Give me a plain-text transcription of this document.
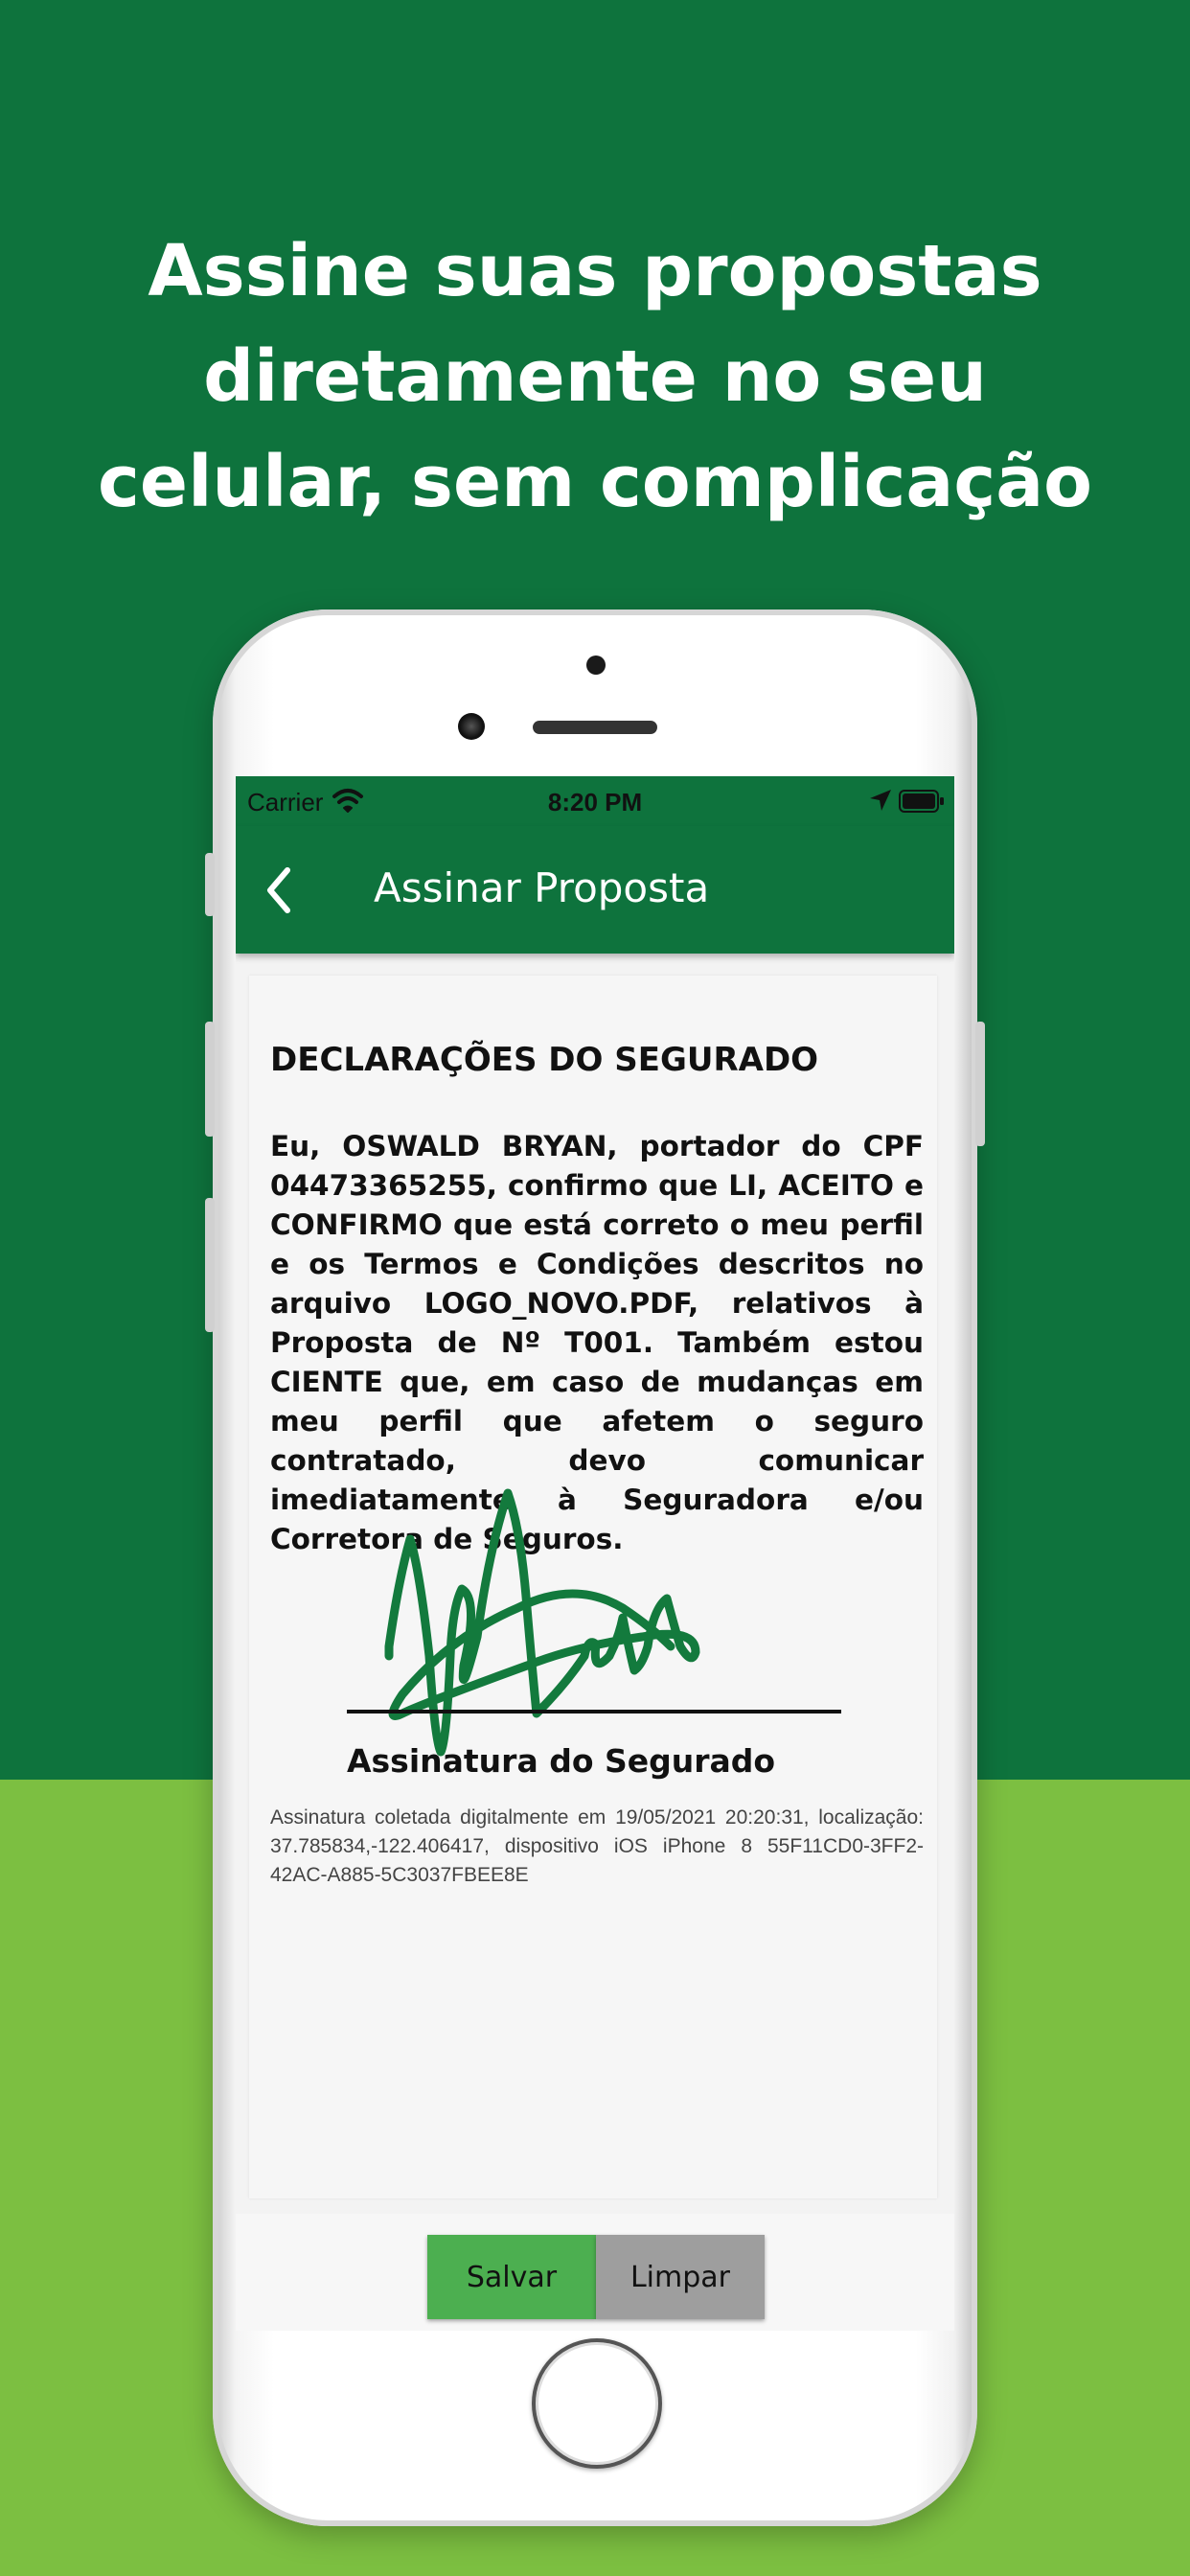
Assine suas propostas
diretamente no seu
celular, sem complicação
Carrier	8:20 PM
Assinar Proposta
DECLARAÇÕES DO SEGURADO
Eu, OSWALD BRYAN, portador do CPF 04473365255, confirmo que LI, ACEITO e CONFIRMO que está correto o meu perfil e os Termos e Condições descritos no arquivo LOGO_NOVO.PDF, relativos à Proposta de Nº T001. Também estou CIENTE que, em caso de mudanças em meu perfil que afetem o seguro contratado, devo comunicar imediatamente à Seguradora e/ou Corretora de Seguros.
Assinatura do Segurado
Assinatura coletada digitalmente em 19/05/2021 20:20:31, localização: 37.785834,-122.406417, dispositivo iOS iPhone 8 55F11CD0-3FF2-42AC-A885-5C3037FBEE8E
Salvar	Limpar
